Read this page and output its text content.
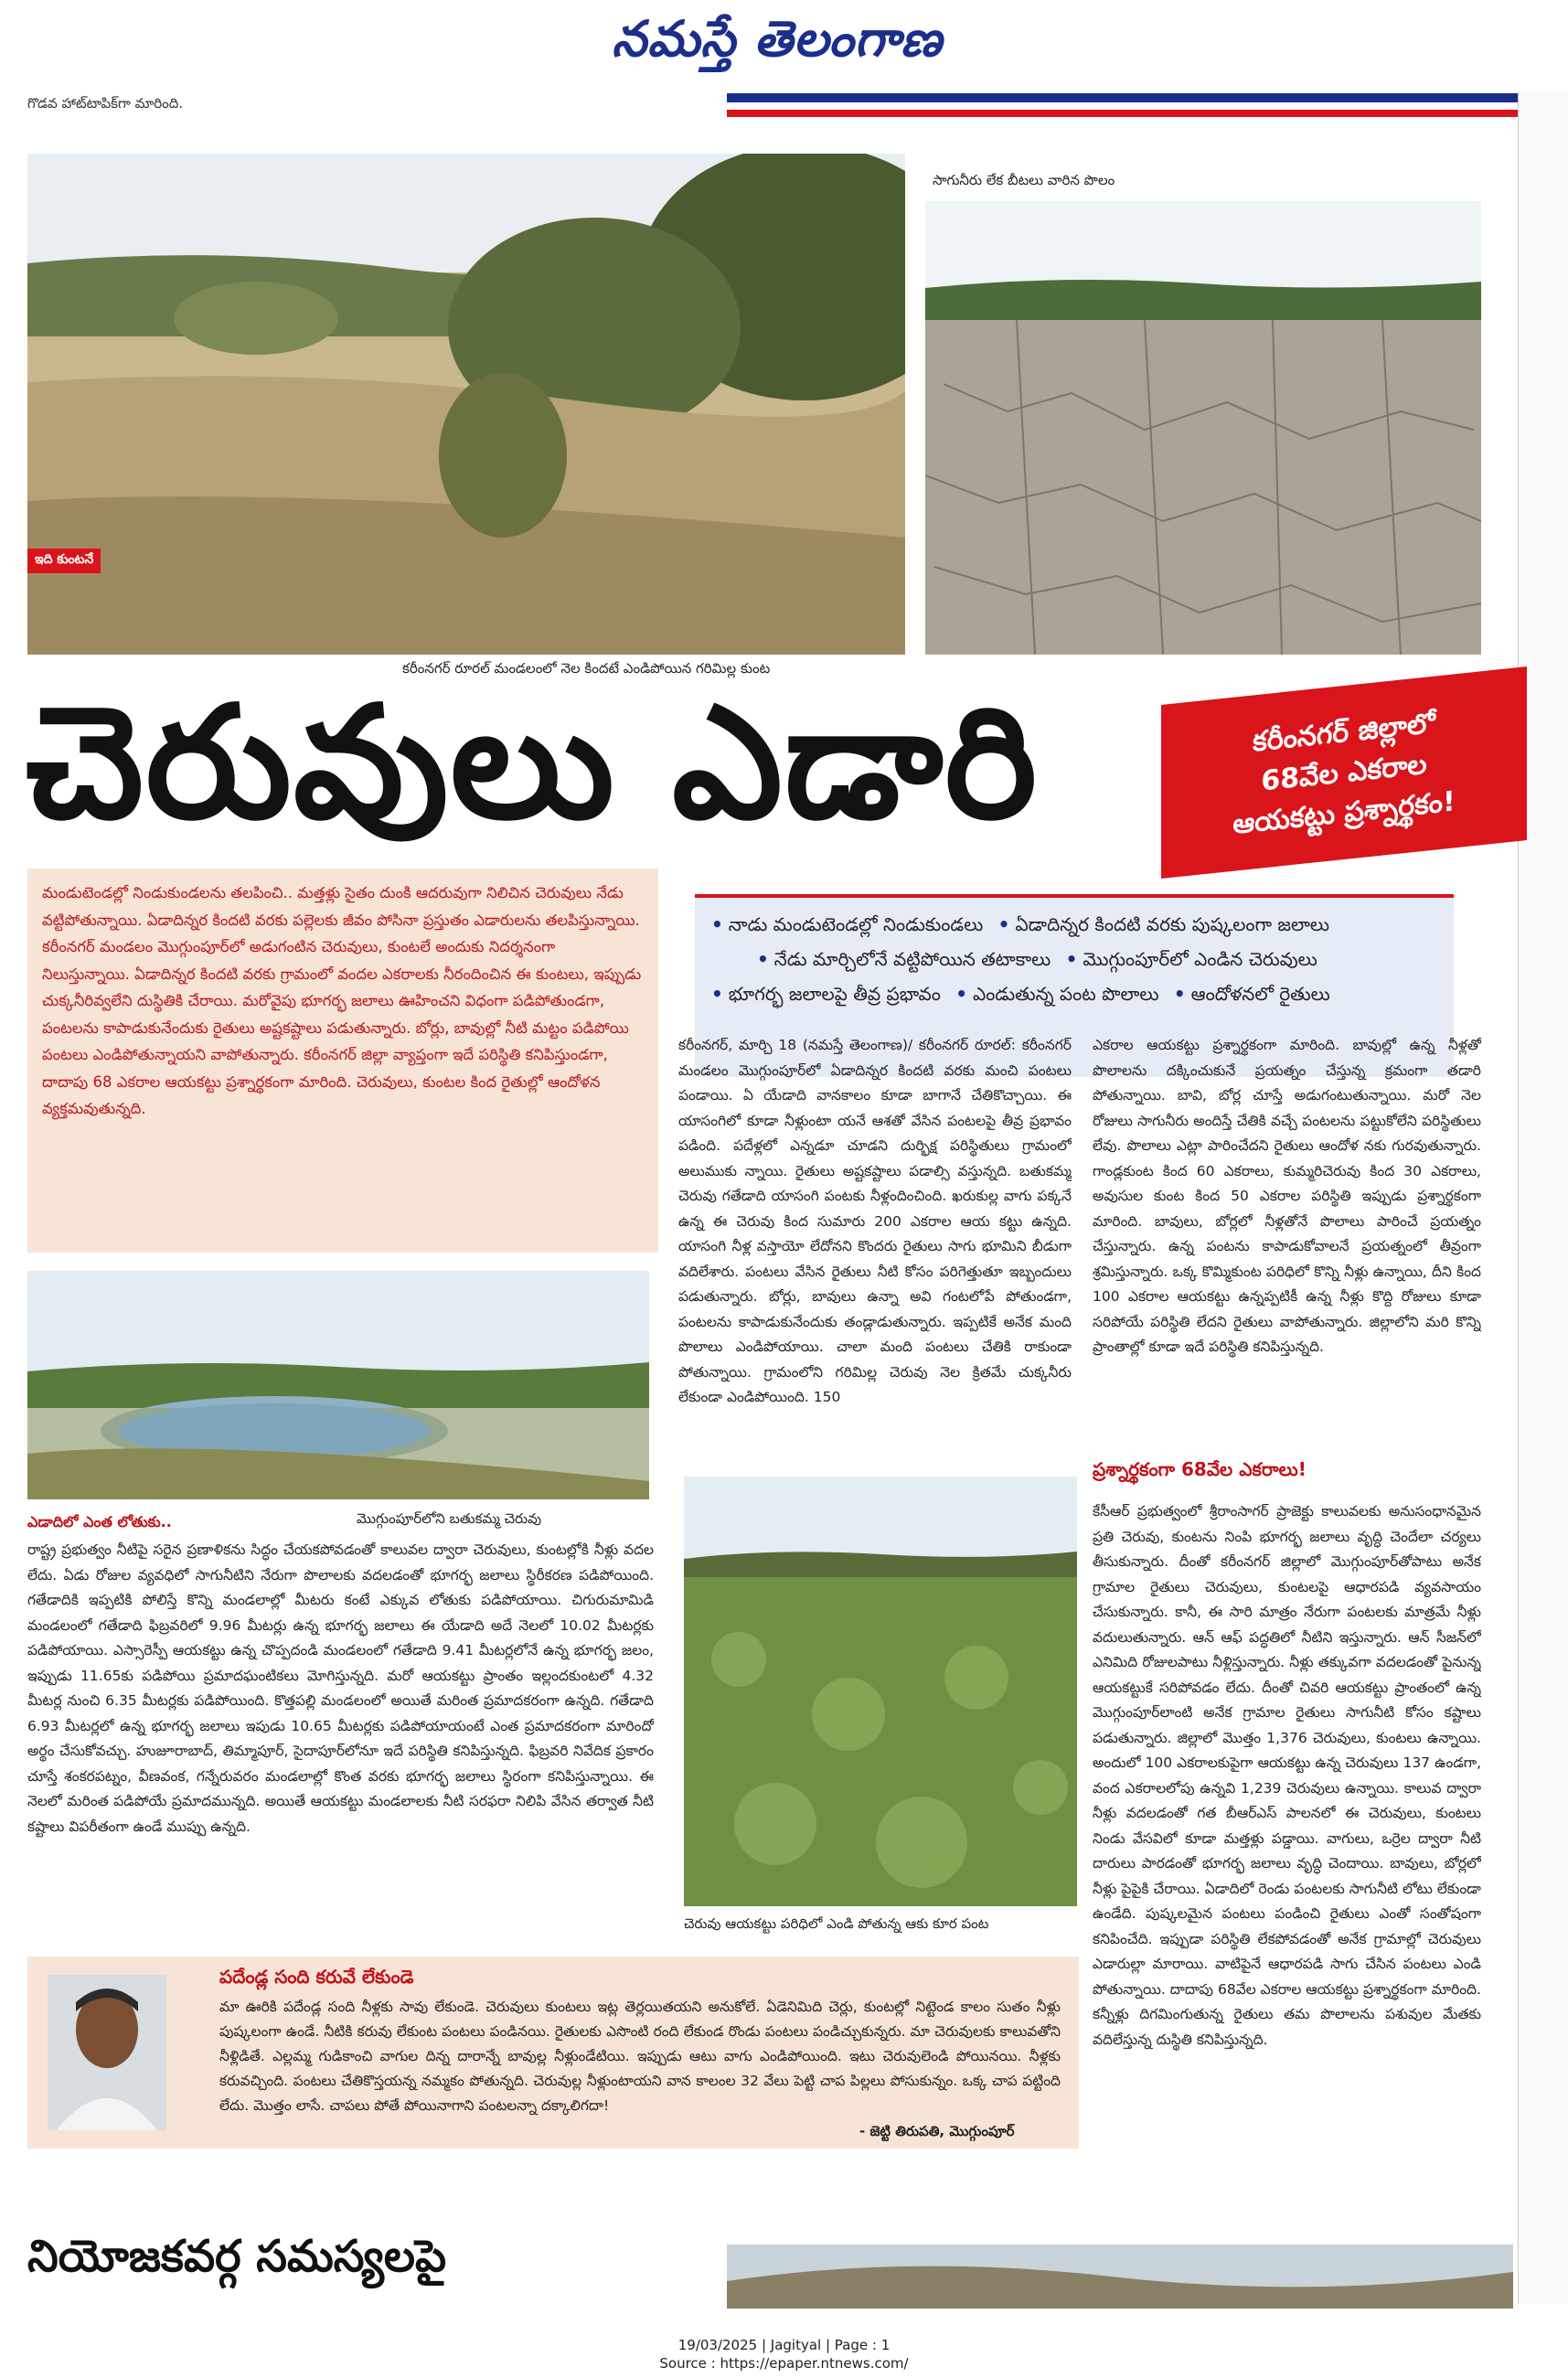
నమస్తే తెలంగాణ
గొడవ హాట్‌టాపిక్‌గా మారింది.
ఇది కుంటనే
కరీంనగర్ రూరల్ మండలంలో నెల కిందటే ఎండిపోయిన గరిమిల్ల కుంట
సాగునీరు లేక బీటలు వారిన పొలం
చెరువులు ఎడారి	కరీంనగర్ జిల్లాలో
68వేల ఎకరాల
ఆయకట్టు ప్రశ్నార్థకం!
మండుటెండల్లో నిండుకుండలను తలపించి.. మత్తళ్లు సైతం దుంకి ఆదరువుగా నిలిచిన చెరువులు నేడు వట్టిపోతున్నాయి. ఏడాదిన్నర కిందటి వరకు పల్లెలకు జీవం పోసినా ప్రస్తుతం ఎడారులను తలపిస్తున్నాయి. కరీంనగర్ మండలం మొగ్గుంపూర్‌లో అడుగంటిన చెరువులు, కుంటలే అందుకు నిదర్శనంగా నిలుస్తున్నాయి. ఏడాదిన్నర కిందటి వరకు గ్రామంలో వందల ఎకరాలకు నీరందించిన ఈ కుంటలు, ఇప్పుడు చుక్కనీరివ్వలేని దుస్థితికి చేరాయి. మరోవైపు భూగర్భ జలాలు ఊహించని విధంగా పడిపోతుండగా, పంటలను కాపాడుకునేందుకు రైతులు అష్టకష్టాలు పడుతున్నారు. బోర్లు, బావుల్లో నీటి మట్టం పడిపోయి పంటలు ఎండిపోతున్నాయని వాపోతున్నారు. కరీంనగర్ జిల్లా వ్యాప్తంగా ఇదే పరిస్థితి కనిపిస్తుండగా, దాదాపు 68 ఎకరాల ఆయకట్టు ప్రశ్నార్థకంగా మారింది. చెరువులు, కుంటల కింద రైతుల్లో ఆందోళన వ్యక్తమవుతున్నది.
• నాడు మండుటెండల్లో నిండుకుండలు • ఏడాదిన్నర కిందటి వరకు పుష్కలంగా జలాలు
• నేడు మార్చిలోనే వట్టిపోయిన తటాకాలు • మొగ్గుంపూర్‌లో ఎండిన చెరువులు
• భూగర్భ జలాలపై తీవ్ర ప్రభావం • ఎండుతున్న పంట పొలాలు • ఆందోళనలో రైతులు
కరీంనగర్, మార్చి 18 (నమస్తే తెలంగాణ)/ కరీంనగర్ రూరల్: కరీంనగర్ మండలం మొగ్గుంపూర్‌లో ఏడాదిన్నర కిందటి వరకు మంచి పంటలు పండాయి. ఏ యేడాది వానకాలం కూడా బాగానే చేతికొచ్చాయి. ఈ యాసంగిలో కూడా నీళ్లుంటా యనే ఆశతో వేసిన పంటలపై తీవ్ర ప్రభావం పడింది. పదేళ్లలో ఎన్నడూ చూడని దుర్భిక్ష పరిస్థితులు గ్రామంలో అలుముకు న్నాయి. రైతులు అష్టకష్టాలు పడాల్సి వస్తున్నది. బతుకమ్మ చెరువు గతేడాది యాసంగి పంటకు నీళ్లందించింది. ఖరుకుల్ల వాగు పక్కనే ఉన్న ఈ చెరువు కింద సుమారు 200 ఎకరాల ఆయ కట్టు ఉన్నది. యాసంగి నీళ్ల వస్తాయో లేదోనని కొందరు రైతులు సాగు భూమిని బీడుగా వదిలేశారు. పంటలు వేసిన రైతులు నీటి కోసం పరిగెత్తుతూ ఇబ్బందులు పడుతున్నారు. బోర్లు, బావులు ఉన్నా అవి గంటలోపే పోతుండగా, పంటలను కాపాడుకునేందుకు తండ్లాడుతున్నారు. ఇప్పటికే అనేక మంది పొలాలు ఎండిపోయాయి. చాలా మంది పంటలు చేతికి రాకుండా పోతున్నాయి. గ్రామంలోని గరిమిల్ల చెరువు నెల క్రితమే చుక్కనీరు లేకుండా ఎండిపోయింది. 150
ఎకరాల ఆయకట్టు ప్రశ్నార్థకంగా మారింది. బావుల్లో ఉన్న నీళ్లతో పొలాలను దక్కించుకునే ప్రయత్నం చేస్తున్న క్రమంగా తడారి పోతున్నాయి. బావి, బోర్ల చూస్తే అడుగంటుతున్నాయి. మరో నెల రోజులు సాగునీరు అందిస్తే చేతికి వచ్చే పంటలను పట్టుకోలేని పరిస్థితులు లేవు. పొలాలు ఎట్లా పారించేదని రైతులు ఆందోళ నకు గురవుతున్నారు. గాండ్లకుంట కింద 60 ఎకరాలు, కుమ్మరిచెరువు కింద 30 ఎకరాలు, అవుసుల కుంట కింద 50 ఎకరాల పరిస్థితి ఇప్పుడు ప్రశ్నార్థకంగా మారింది. బావులు, బోర్లలో నీళ్లతోనే పొలాలు పారించే ప్రయత్నం చేస్తున్నారు. ఉన్న పంటను కాపాడుకోవాలనే ప్రయత్నంలో తీవ్రంగా శ్రమిస్తున్నారు. ఒక్క కొమ్మికుంట పరిధిలో కొన్ని నీళ్లు ఉన్నాయి, దీని కింద 100 ఎకరాల ఆయకట్టు ఉన్నప్పటికీ ఉన్న నీళ్లు కొద్ది రోజులు కూడా సరిపోయే పరిస్థితి లేదని రైతులు వాపోతున్నారు. జిల్లాలోని మరి కొన్ని ప్రాంతాల్లో కూడా ఇదే పరిస్థితి కనిపిస్తున్నది.
ఎడాదిలో ఎంత లోతుకు..	మొగ్గుంపూర్‌లోని బతుకమ్మ చెరువు
రాష్ట్ర ప్రభుత్వం నీటిపై సరైన ప్రణాళికను సిద్ధం చేయకపోవడంతో కాలువల ద్వారా చెరువులు, కుంటల్లోకి నీళ్లు వదల లేదు. ఏడు రోజుల వ్యవధిలో సాగునీటిని నేరుగా పొలాలకు వదలడంతో భూగర్భ జలాలు స్థిరీకరణ పడిపోయింది. గతేడాదికి ఇప్పటికి పోలిస్తే కొన్ని మండలాల్లో మీటరు కంటే ఎక్కువ లోతుకు పడిపోయాయి. చిగురుమామిడి మండలంలో గతేడాది ఫిబ్రవరిలో 9.96 మీటర్లు ఉన్న భూగర్భ జలాలు ఈ యేడాది అదే నెలలో 10.02 మీటర్లకు పడిపోయాయి. ఎస్సారెస్పీ ఆయకట్టు ఉన్న చొప్పదండి మండలంలో గతేడాది 9.41 మీటర్లలోనే ఉన్న భూగర్భ జలం, ఇప్పుడు 11.65కు పడిపోయి ప్రమాదఘంటికలు మోగిస్తున్నది. మరో ఆయకట్టు ప్రాంతం ఇల్లందకుంటలో 4.32 మీటర్ల నుంచి 6.35 మీటర్లకు పడిపోయింది. కొత్తపల్లి మండలంలో అయితే మరింత ప్రమాదకరంగా ఉన్నది. గతేడాది 6.93 మీటర్లలో ఉన్న భూగర్భ జలాలు ఇపుడు 10.65 మీటర్లకు పడిపోయాయంటే ఎంత ప్రమాదకరంగా మారిందో అర్థం చేసుకోవచ్చు. హుజూరాబాద్, తిమ్మాపూర్, సైదాపూర్‌లోనూ ఇదే పరిస్థితి కనిపిస్తున్నది. ఫిబ్రవరి నివేదిక ప్రకారం చూస్తే శంకరపట్నం, వీణవంక, గన్నేరువరం మండలాల్లో కొంత వరకు భూగర్భ జలాలు స్థిరంగా కనిపిస్తున్నాయి. ఈ నెలలో మరింత పడిపోయే ప్రమాదమున్నది. అయితే ఆయకట్టు మండలాలకు నీటి సరఫరా నిలిపి వేసిన తర్వాత నీటి కష్టాలు విపరీతంగా ఉండే ముప్పు ఉన్నది.
చెరువు ఆయకట్టు పరిధిలో ఎండి పోతున్న ఆకు కూర పంట
ప్రశ్నార్థకంగా 68వేల ఎకరాలు!
కేసీఆర్ ప్రభుత్వంలో శ్రీరాంసాగర్ ప్రాజెక్టు కాలువలకు అనుసంధానమైన ప్రతి చెరువు, కుంటను నింపి భూగర్భ జలాలు వృద్ధి చెందేలా చర్యలు తీసుకున్నారు. దీంతో కరీంనగర్ జిల్లాలో మొగ్గుంపూర్‌తోపాటు అనేక గ్రామాల రైతులు చెరువులు, కుంటలపై ఆధారపడి వ్యవసాయం చేసుకున్నారు. కానీ, ఈ సారి మాత్రం నేరుగా పంటలకు మాత్రమే నీళ్లు వదులుతున్నారు. ఆన్ ఆఫ్ పద్ధతిలో నీటిని ఇస్తున్నారు. ఆన్ సీజన్‌లో ఎనిమిది రోజులపాటు నీళ్లిస్తున్నారు. నీళ్లు తక్కువగా వదలడంతో పైనున్న ఆయకట్టుకే సరిపోవడం లేదు. దీంతో చివరి ఆయకట్టు ప్రాంతంలో ఉన్న మొగ్గుంపూర్‌లాంటి అనేక గ్రామాల రైతులు సాగునీటి కోసం కష్టాలు పడుతున్నారు. జిల్లాలో మొత్తం 1,376 చెరువులు, కుంటలు ఉన్నాయి. అందులో 100 ఎకరాలకుపైగా ఆయకట్టు ఉన్న చెరువులు 137 ఉండగా, వంద ఎకరాలలోపు ఉన్నవి 1,239 చెరువులు ఉన్నాయి. కాలువ ద్వారా నీళ్లు వదలడంతో గత బీఆర్ఎస్ పాలనలో ఈ చెరువులు, కుంటలు నిండు వేసవిలో కూడా మత్తళ్లు పడ్డాయి. వాగులు, ఒర్రెల ద్వారా నీటి దారులు పారడంతో భూగర్భ జలాలు వృద్ధి చెందాయి. బావులు, బోర్లలో నీళ్లు పైపైకి చేరాయి. ఏడాదిలో రెండు పంటలకు సాగునీటి లోటు లేకుండా ఉండేది. పుష్కలమైన పంటలు పండించి రైతులు ఎంతో సంతోషంగా కనిపించేది. ఇప్పుడా పరిస్థితి లేకపోవడంతో అనేక గ్రామాల్లో చెరువులు ఎడారుల్లా మారాయి. వాటిపైనే ఆధారపడి సాగు చేసిన పంటలు ఎండి పోతున్నాయి. దాదాపు 68వేల ఎకరాల ఆయకట్టు ప్రశ్నార్థకంగా మారింది. కన్నీళ్లు దిగమింగుతున్న రైతులు తమ పొలాలను పశువుల మేతకు వదిలేస్తున్న దుస్థితి కనిపిస్తున్నది.
పదేండ్ల సంది కరువే లేకుండె
మా ఊరికి పదేండ్ల సంది నీళ్లకు సావు లేకుండె. చెరువులు కుంటలు ఇట్ల తెర్లయితయని అనుకోలే. ఏడెనిమిది చెర్లు, కుంటల్లో నిట్టెండ కాలం సుతం నీళ్లు పుష్కలంగా ఉండే. నీటికి కరువు లేకుంట పంటలు పండినయి. రైతులకు ఎసొంటి రంది లేకుండ రొండు పంటలు పండిచ్చుకున్నరు. మా చెరువులకు కాలువతోని నీళ్లిడితే. ఎల్లమ్మ గుడికాంచి వాగుల దిన్న దారాన్నే బావుల్ల నీళ్లుండేటియి. ఇప్పుడు ఆటు వాగు ఎండిపోయింది. ఇటు చెరువులెండి పోయినయి. నీళ్లకు కరువచ్చింది. పంటలు చేతికొస్తయన్న నమ్మకం పోతున్నది. చెరువుల్ల నీళ్లుంటాయని వాన కాలంల 32 వేలు పెట్టి చాప పిల్లలు పోసుకున్నం. ఒక్క చాప పట్టింది లేదు. మొత్తం లాసే. చాపలు పోతే పోయినాగాని పంటలన్నా దక్కాలిగదా!
- జెట్టి తిరుపతి, మొగ్గుంపూర్
నియోజకవర్గ సమస్యలపై
19/03/2025 | Jagityal | Page : 1
Source : https://epaper.ntnews.com/
